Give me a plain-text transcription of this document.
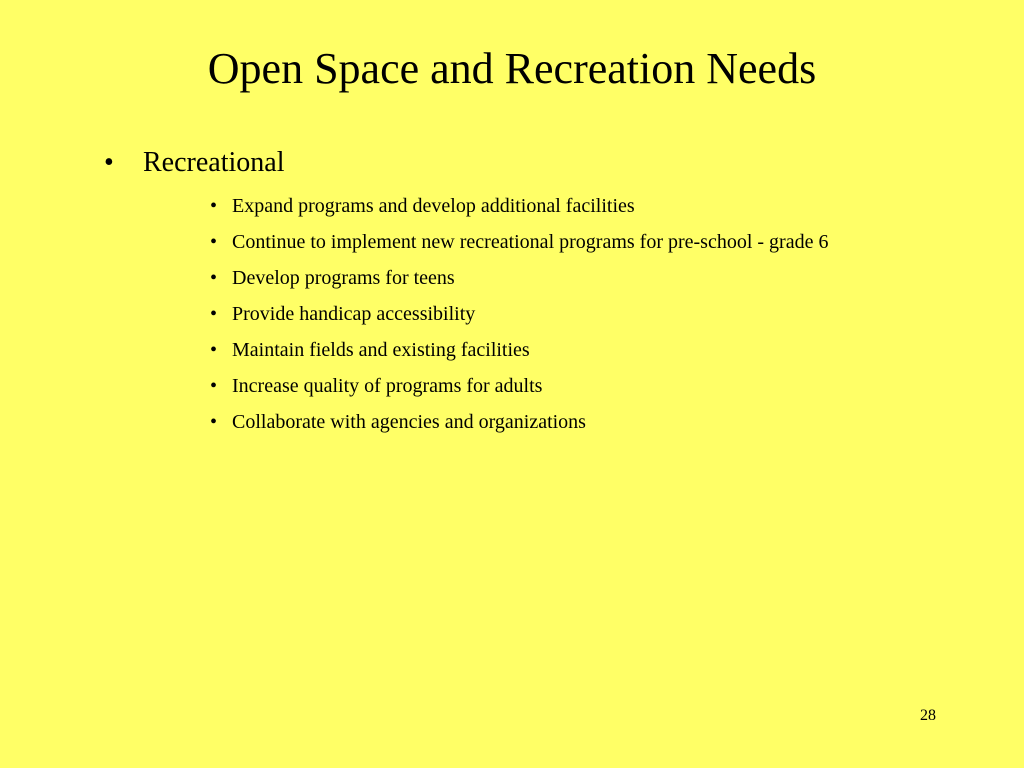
Open Space and Recreation Needs
• Recreational
• Expand programs and develop additional facilities
• Continue to implement new recreational programs for pre-school - grade 6
• Develop programs for teens
• Provide handicap accessibility
• Maintain fields and existing facilities
• Increase quality of programs for adults
• Collaborate with agencies and organizations
28
